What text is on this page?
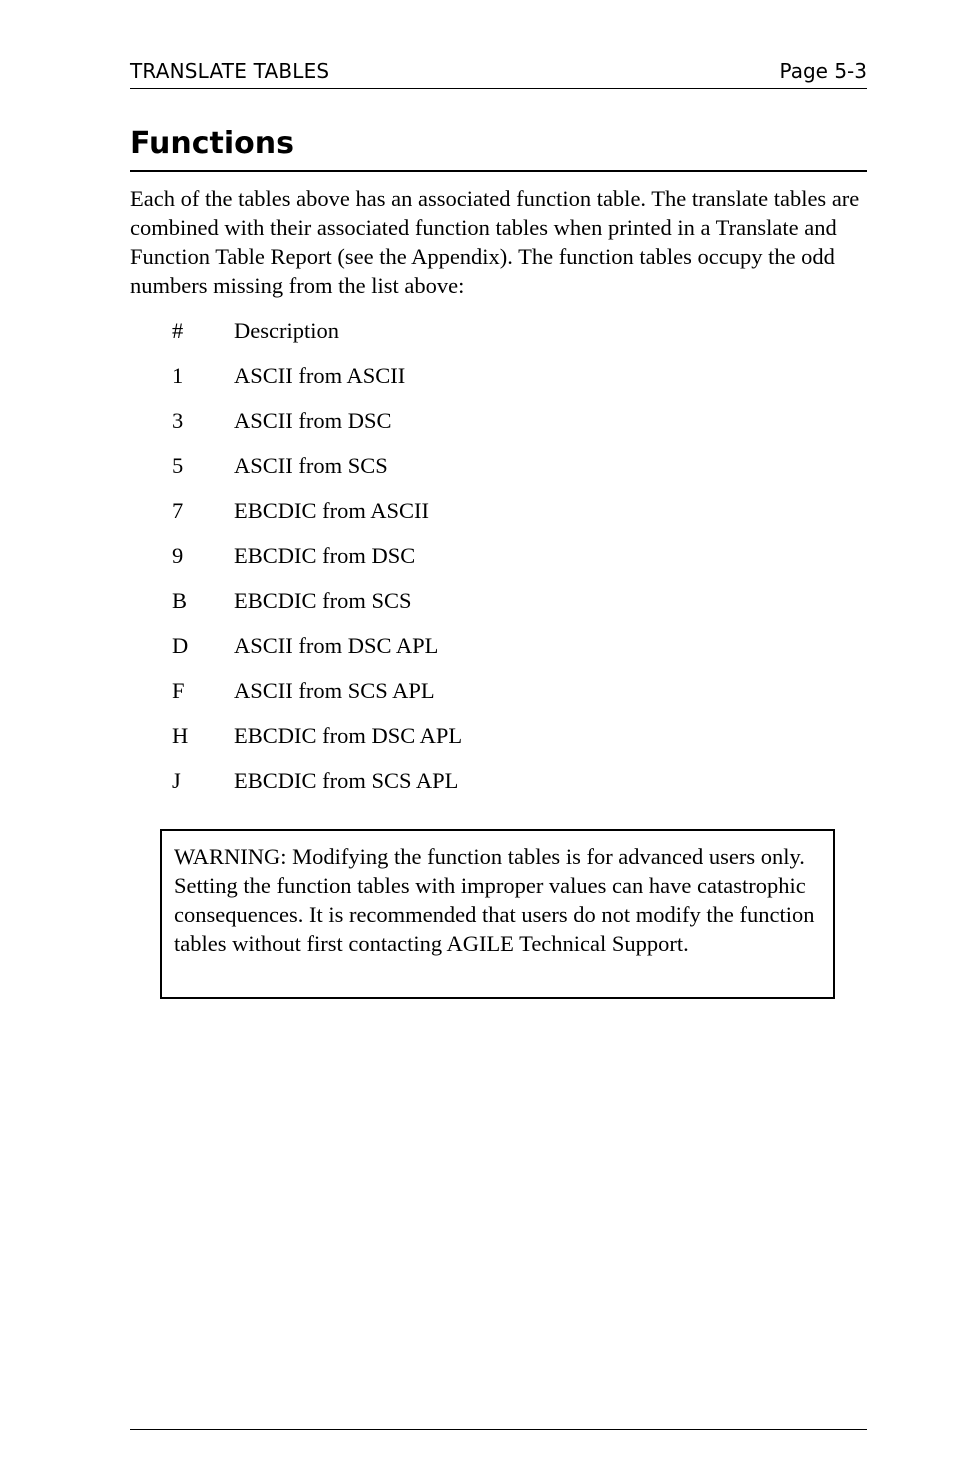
TRANSLATE TABLES	Page 5-3
Functions

Each of the tables above has an associated function table. The translate tables are combined with their associated function tables when printed in a Translate and Function Table Report (see the Appendix). The function tables occupy the odd numbers missing from the list above:

# Description
1 ASCII from ASCII
3 ASCII from DSC
5 ASCII from SCS
7 EBCDIC from ASCII
9 EBCDIC from DSC
B EBCDIC from SCS
D ASCII from DSC APL
F ASCII from SCS APL
H EBCDIC from DSC APL
J EBCDIC from SCS APL
WARNING: Modifying the function tables is for advanced users only. Setting the function tables with improper values can have catastrophic consequences. It is recommended that users do not modify the function tables without first contacting AGILE Technical Support.
